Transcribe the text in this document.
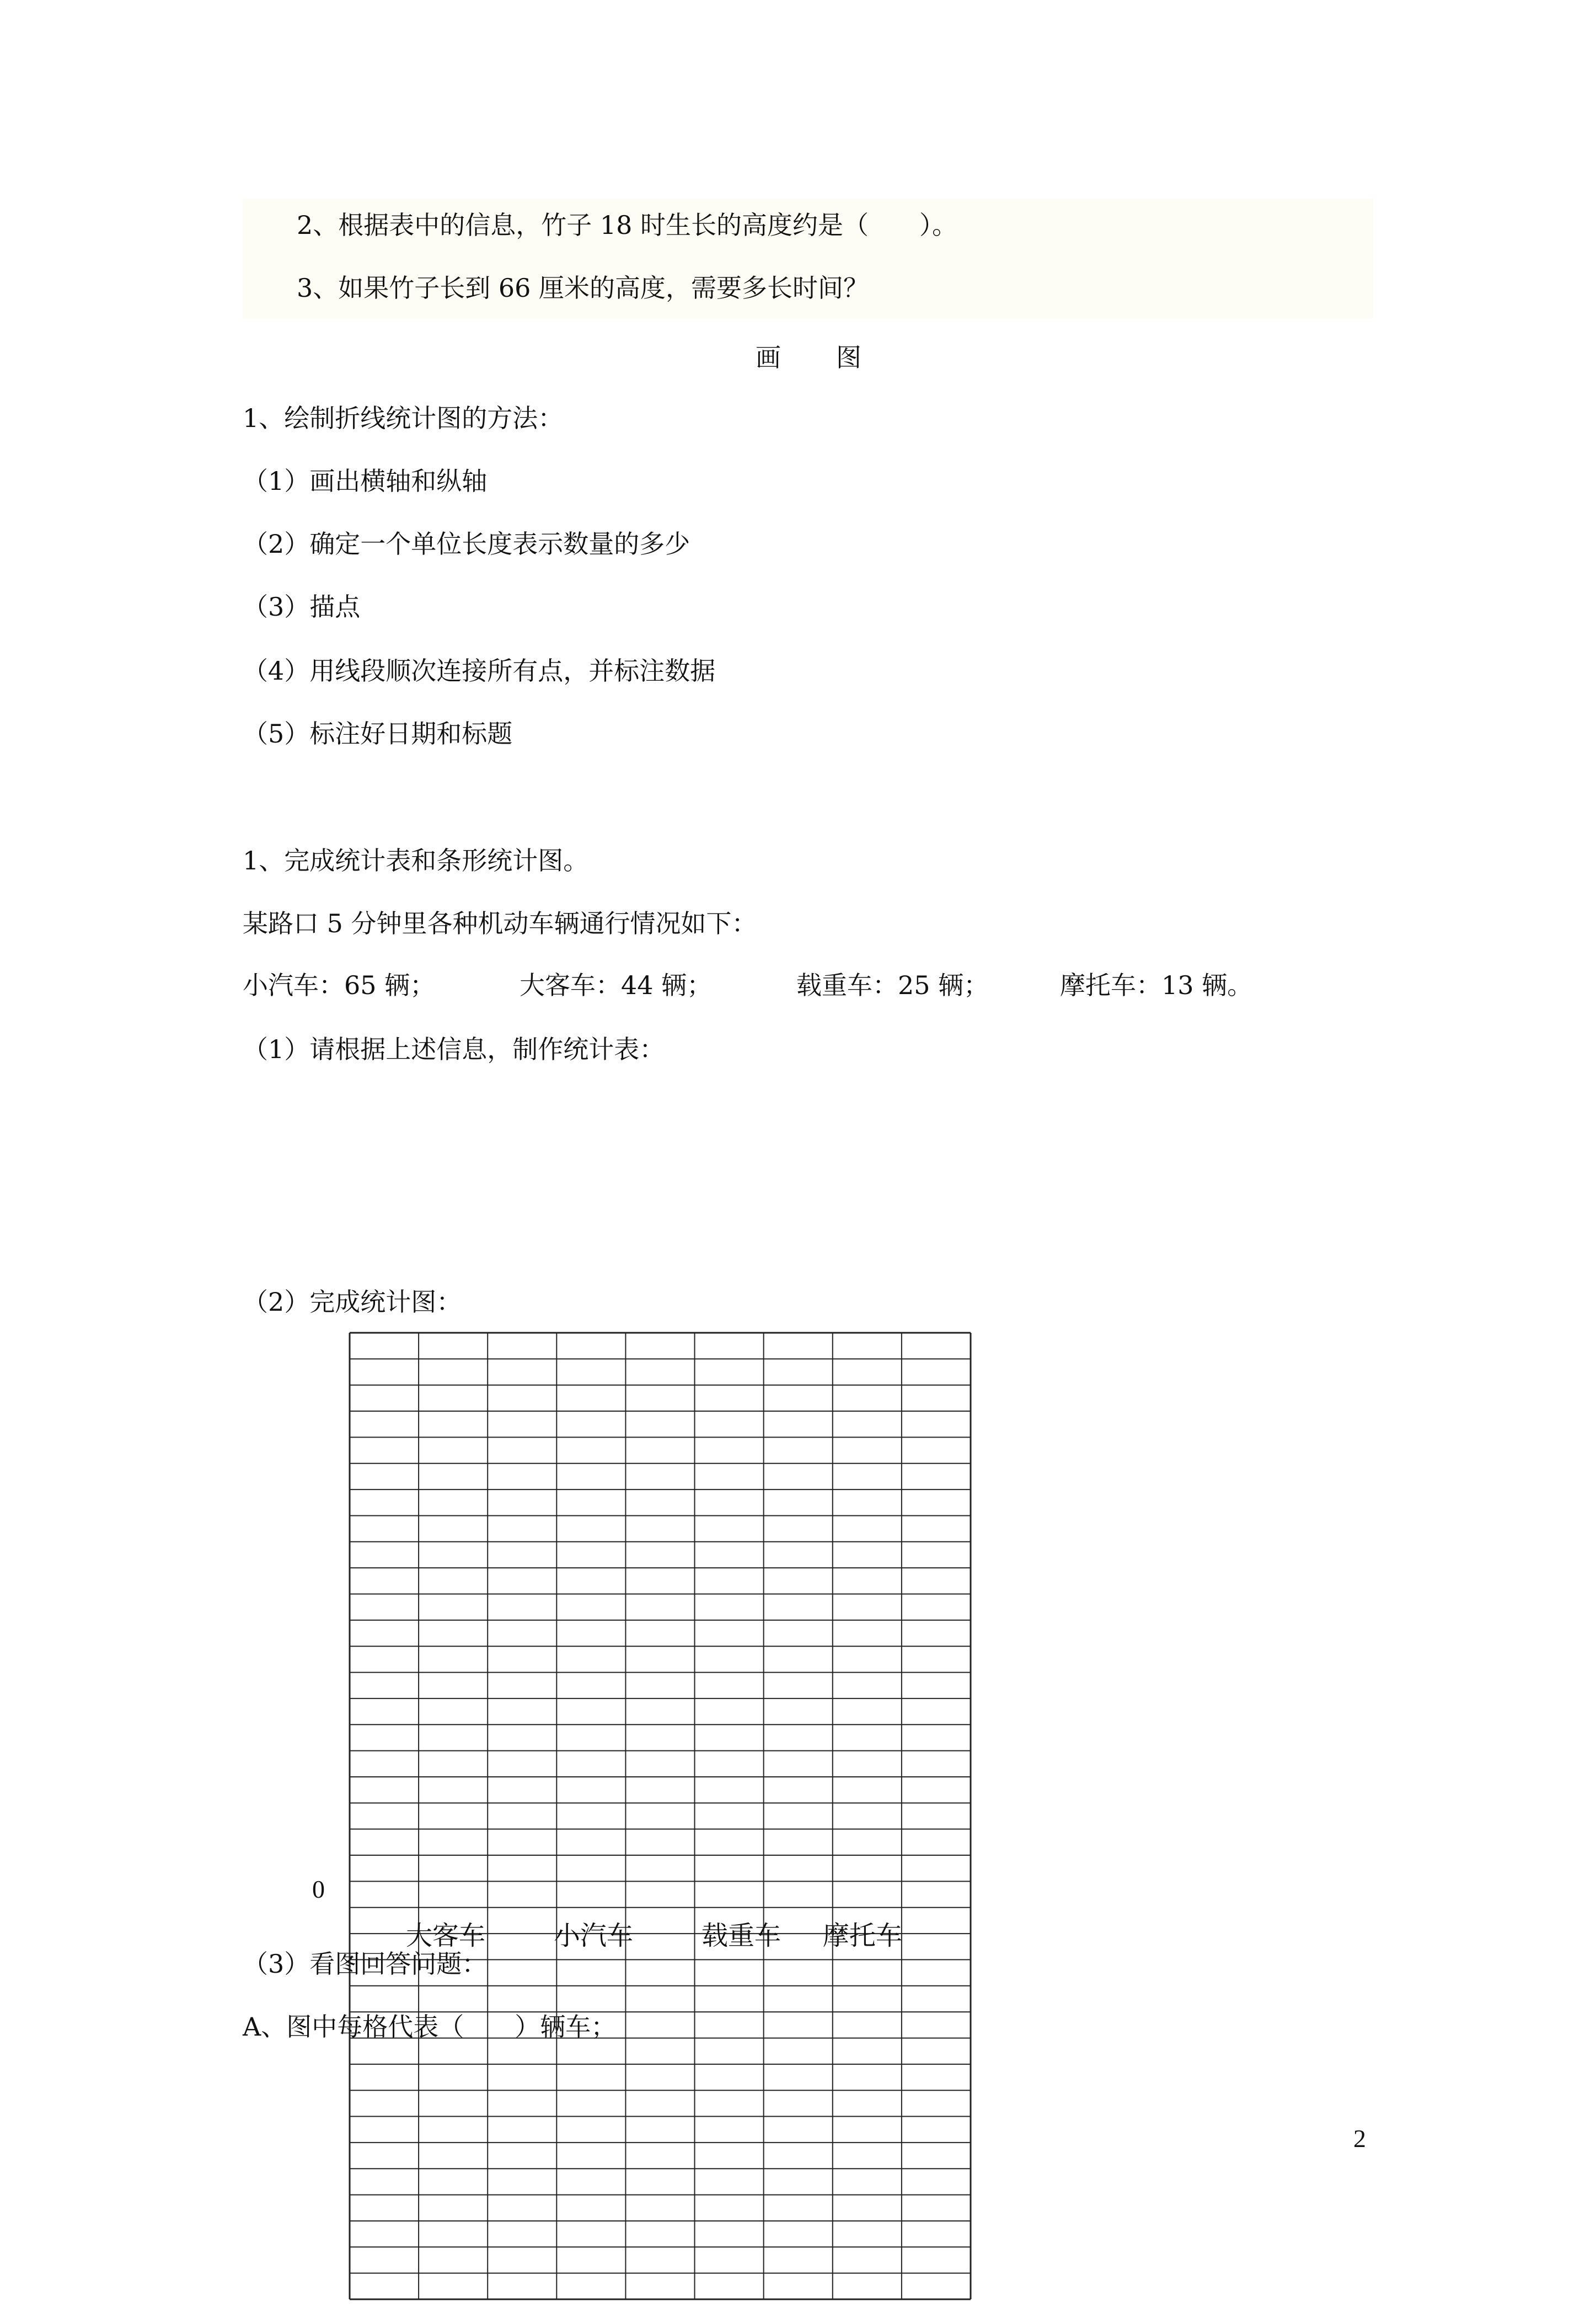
2、根据表中的信息，竹子 18 时生长的高度约是（　　）。
3、如果竹子长到 66 厘米的高度，需要多长时间？
画图
1、绘制折线统计图的方法：
（1）画出横轴和纵轴
（2）确定一个单位长度表示数量的多少
（3）描点
（4）用线段顺次连接所有点，并标注数据
（5）标注好日期和标题
1、完成统计表和条形统计图。
某路口 5 分钟里各种机动车辆通行情况如下：
小汽车：65 辆；	大客车：44 辆；	载重车：25 辆；	摩托车：13 辆。
（1）请根据上述信息，制作统计表：
（2）完成统计图：
0
大客车	小汽车	载重车 摩托车
（3）看图回答问题：
A、图中每格代表（　　）辆车；
2
